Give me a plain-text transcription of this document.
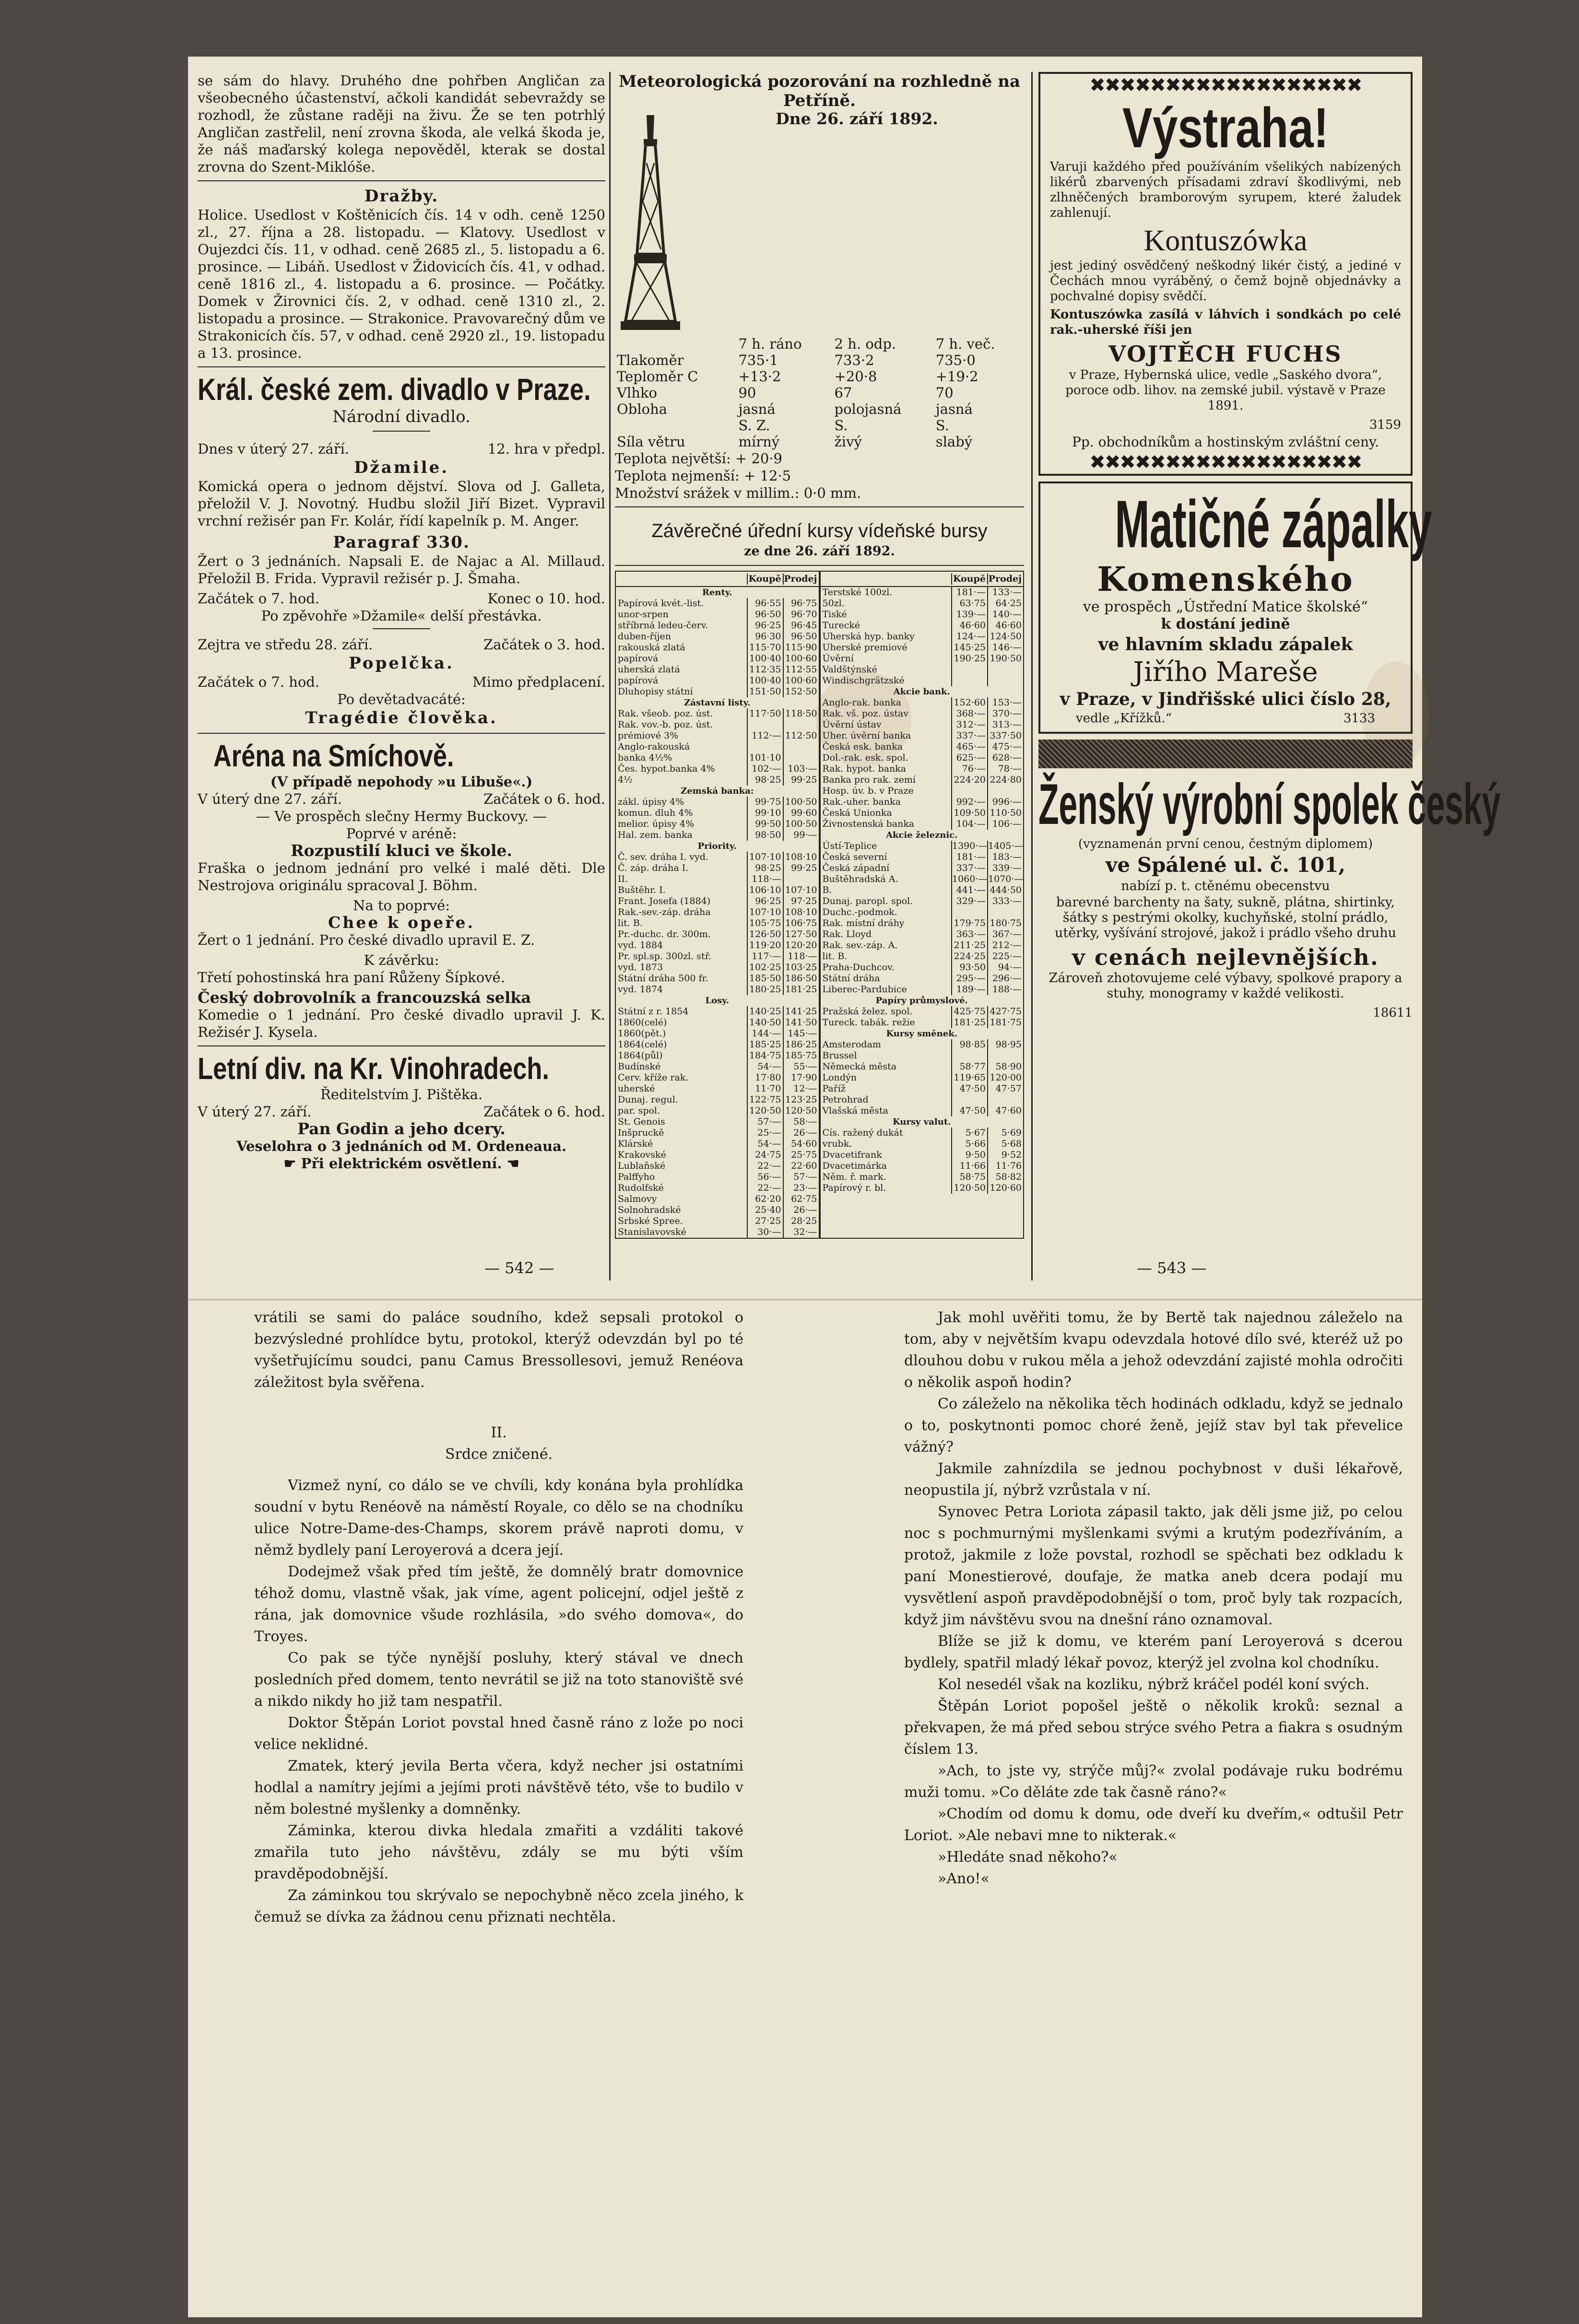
se sám do hlavy. Druhého dne pohřben Angličan za všeobecného účastenství, ačkoli kandidát sebevraždy se rozhodl, že zůstane raději na živu. Že se ten potrhlý Angličan zastřelil, není zrovna škoda, ale velká škoda je, že náš maďarský kolega nepověděl, kterak se dostal zrovna do Szent-Miklóše.

Dražby.

Holice. Usedlost v Koštěnicích čís. 14 v odh. ceně 1250 zl., 27. října a 28. listopadu. — Klatovy. Usedlost v Oujezdci čís. 11, v odhad. ceně 2685 zl., 5. listopadu a 6. prosince. — Libáň. Usedlost v Židovicích čís. 41, v odhad. ceně 1816 zl., 4. listopadu a 6. prosince. — Počátky. Domek v Žirovnici čís. 2, v odhad. ceně 1310 zl., 2. listopadu a prosince. — Strakonice. Pravovarečný dům ve Strakonicích čís. 57, v odhad. ceně 2920 zl., 19. listopadu a 13. prosince.

Král. české zem. divadlo v Praze.
Národní divadlo.
Dnes v úterý 27. září.	12. hra v předpl.
Džamile.

Komická opera o jednom dějství. Slova od J. Galleta, přeložil V. J. Novotný. Hudbu složil Jiří Bizet. Vypravil vrchní režisér pan Fr. Kolár, řídí kapelník p. M. Anger.

Paragraf 330.

Žert o 3 jednáních. Napsali E. de Najac a Al. Millaud. Přeložil B. Frida. Vypravil režisér p. J. Šmaha.

Začátek o 7. hod.	Konec o 10. hod.
Po zpěvohře »Džamile« delší přestávka.
Zejtra ve středu 28. září.	Začátek o 3. hod.
Popelčka.
Začátek o 7. hod.	Mimo předplacení.
Po devětadvacáté:
Tragédie člověka.
Aréna na Smíchově.
(V případě nepohody »u Libuše«.)
V úterý dne 27. září.	Začátek o 6. hod.
— Ve prospěch slečny Hermy Buckovy. —
Poprvé v aréně:
Rozpustilí kluci ve škole.

Fraška o jednom jednání pro velké i malé děti. Dle Nestrojova originálu spracoval J. Böhm.

Na to poprvé:
Chee k opeře.

Žert o 1 jednání. Pro české divadlo upravil E. Z.

K závěrku:

Třetí pohostinská hra paní Růženy Šípkové.

Český dobrovolník a francouzská selka

Komedie o 1 jednání. Pro české divadlo upravil J. K. Režisér J. Kysela.

Letní div. na Kr. Vinohradech.
Ředitelstvím J. Pištěka.
V úterý 27. září.	Začátek o 6. hod.
Pan Godin a jeho dcery.
Veselohra o 3 jednáních od M. Ordeneaua.
☛ Při elektrickém osvětlení. ☚
Meteorologická pozorování na rozhledně na Petříně.
Dne 26. září 1892.
	7 h. ráno	2 h. odp.	7 h. več.
Tlakoměr	735·1	733·2	735·0
Teploměr C	+13·2	+20·8	+19·2
Vlhko	90	67	70
Obloha	jasná	polojasná	jasná
	S. Z.	S.	S.
Síla větru	mírný	živý	slabý
Teplota největší: + 20·9
Teplota nejmenší: + 12·5
Množství srážek v millim.: 0·0 mm.
Závěrečné úřední kursy vídeňské bursy
ze dne 26. září 1892.
Koupě Prodej
Renty.
Papírová kvét.-list.	96·55	96·75
unor-srpen	96·50	96·70
stříbrná ledeu-červ.	96·25	96·45
duben-říjen	96·30	96·50
rakouská zlatá	115·70 115·90
papírová	100·40 100·60
uherská zlatá	112·35 112·55
papírová	100·40 100·60
Dluhopisy státní	151·50 152·50
Zástavní listy.
Rak. všeob. poz. úst.	117·50 118·50
Rak. vov.-b. poz. úst.
prémiové 3%	112·— 112·50
Anglo-rakouská
banka 4½%	101·10
Čes. hypot.banka 4%	102·— 103·—
4½	98·25	99·25
Zemská banka:
zákl. úpisy 4%	99·75 100·50
komun. dluh 4%	99·10	99·60
melior. úpisy 4%	99·50 100·50
Hal. zem. banka	98·50	99·—
Priority.
Č. sev. dráha I. vyd.	107·10 108·10
Č. záp. dráha I.	98·25	99·25
II.	118·—
Buštěhr. I.	106·10 107·10
Frant. Josefa (1884)	96·25	97·25
Rak.-sev.-záp. dráha	107·10 108·10
lit. B.	105·75 106·75
Pr.-duchc. dr. 300m.	126·50 127·50
vyd. 1884	119·20 120·20
Pr. spl.sp. 300zl. stř.	117·— 118·—
vyd. 1873	102·25 103·25
Státní dráha 500 fr.	185·50 186·50
vyd. 1874	180·25 181·25
Losy.
Státní z r. 1854	140·25 141·25
1860(celé)	140·50 141·50
1860(pět.)	144·— 145·—
1864(celé)	185·25 186·25
1864(půl)	184·75 185·75
Budínské	54·—	55·—
Cerv. kříže rak.	17·80	17·90
uherské	11·70	12·—
Dunaj. regul.	122·75 123·25
par. spol.	120·50 120·50
St. Genois	57·—	58·—
Inšpruckě	25·—	26·—
Klárské	54·—	54·60
Krakovské	24·75	25·75
Lublaňské	22·—	22·60
Palffyho	56·—	57·—
Rudolfské	22·—	23·—
Salmovy	62·20	62·75
Solnohradské	25·40	26·—
Srbské Spree.	27·25	28·25
Stanislavovské	30·—	32·—
Koupě Prodej
Terstské 100zl.	181·— 133·—
50zl.	63·75	64·25
Tiské	139·— 140·—
Turecké	46·60	46·60
Uherská hyp. banky	124·— 124·50
Uherské premiové	145·25 146·—
Úvěrní	190·25 190·50
Valdštýnské
Windischgrätzské
Akcie bank.
Anglo-rak. banka	152·60 153·—
Rak. vš. poz. ústav	368·— 370·—
Úvěrní ústav	312·— 313·—
Uher. úvěrní banka	337·— 337·50
Česká esk. banka	465·— 475·—
Dol.-rak. esk. spol.	625·— 628·—
Rak. hypot. banka	76·—	78·—
Banka pro rak. zemí	224·20 224·80
Hosp. úv. b. v Praze
Rak.-uher. banka	992·— 996·—
Česká Unionka	109·50 110·50
Živnostenská banka	104·— 106·—
Akcie železnic.
Ústí-Teplice	1390·— 1405·—
Česká severní	181·— 183·—
Česká západní	337·— 339·—
Buštěhradská A.	1060·— 1070·—
B.	441·— 444·50
Dunaj. paropl. spol.	329·— 333·—
Duchc.-podmok.
Rak. místní dráhy	179·75 180·75
Rak. Lloyd	363·— 367·—
Rak. sev.-záp. A.	211·25 212·—
lit. B.	224·25 225·—
Praha-Duchcov.	93·50	94·—
Státní dráha	295·— 296·—
Liberec-Pardubice	189·— 188·—
Papíry průmyslové.
Pražská želez. spol.	425·75 427·75
Tureck. tabák. režie	181·25 181·75
Kursy směnek.
Amsterodam	98·85	98·95
Brussel
Německá města	58·77	58·90
Londýn	119·65 120·00
Paříž	47·50	47·57
Petrohrad
Vlašská města	47·50	47·60
Kursy valut.
Cís. ražený dukát	5·67	5·69
vrubk.	5·66	5·68
Dvacetifrank	9·50	9·52
Dvacetimárka	11·66	11·76
Něm. ř. mark.	58·75	58·82
Papírový r. bl.	120·50 120·60
✖✖✖✖✖✖✖✖✖✖✖✖✖✖✖✖✖✖
Výstraha!

Varuji každého před používáním všelikých nabízených likérů zbarvených přísadami zdraví škodlivými, neb zlhněčených bramborovým syrupem, které žaludek zahlenují.

Kontuszówka

jest jediný osvědčený neškodný likér čistý, a jediné v Čechách mnou vyráběný, o čemž bojně objednávky a pochvalné dopisy svědčí.

Kontuszówka zasílá v láhvích i sondkách po celé rak.-uherské říši jen

VOJTĚCH FUCHS

v Praze, Hybernská ulice, vedle „Saského dvora“, poroce odb. lihov. na zemské jubil. výstavě v Praze 1891.

3159
Pp. obchodníkům a hostinským zvláštní ceny.
✖✖✖✖✖✖✖✖✖✖✖✖✖✖✖✖✖✖
Matičné zápalky
Komenského
ve prospěch „Ústřední Matice školské“
k dostání jedině
ve hlavním skladu zápalek
Jiřího Mareše
v Praze, v Jindřišské ulici číslo 28,
vedle „Křížků.“	3133
Ženský výrobní spolek český
(vyznamenán první cenou, čestným diplomem)
ve Spálené ul. č. 101,
nabízí p. t. ctěnému obecenstvu

barevné barchenty na šaty, sukně, plátna, shirtinky, šátky s pestrými okolky, kuchyňské, stolní prádlo, utěrky, vyšívání strojové, jakož i prádlo všeho druhu

v cenách nejlevnějších.

Zároveň zhotovujeme celé výbavy, spolkové prapory a stuhy, monogramy v každé velikosti.

18611
— 542 —	— 543 —

vrátili se sami do paláce soudního, kdež sepsali protokol o bezvýsledné prohlídce bytu, protokol, kterýž odevzdán byl po té vyšetřujícímu soudci, panu Camus Bressollesovi, jemuž Renéova záležitost byla svěřena.

II.
Srdce zničené.

Vizmež nyní, co dálo se ve chvíli, kdy konána byla prohlídka soudní v bytu Renéově na náměstí Royale, co dělo se na chodníku ulice Notre-Dame-des-Champs, skorem právě naproti domu, v němž bydlely paní Leroyerová a dcera její.

Dodejmež však před tím ještě, že domnělý bratr domovnice téhož domu, vlastně však, jak víme, agent policejní, odjel ještě z rána, jak domovnice všude rozhlásila, »do svého domova«, do Troyes.

Co pak se týče nynější posluhy, který stával ve dnech posledních před domem, tento nevrátil se již na toto stanoviště své a nikdo nikdy ho již tam nespatřil.

Doktor Štěpán Loriot povstal hned časně ráno z lože po noci velice neklidné.

Zmatek, který jevila Berta včera, když necher jsi ostatními hodlal a namítry jejími a jejími proti návštěvě této, vše to budilo v něm bolestné myšlenky a domněnky.

Záminka, kterou divka hledala zmařiti a vzdáliti takové zmařila tuto jeho návštěvu, zdály se mu býti vším pravděpodobnější.

Za záminkou tou skrývalo se nepochybně něco zcela jiného, k čemuž se dívka za žádnou cenu přiznati nechtěla.

Jak mohl uvěřiti tomu, že by Bertě tak najednou záleželo na tom, aby v největším kvapu odevzdala hotové dílo své, kteréž už po dlouhou dobu v rukou měla a jehož odevzdání zajisté mohla odročiti o několik aspoň hodin?

Co záleželo na několika těch hodinách odkladu, když se jednalo o to, poskytnonti pomoc choré ženě, jejíž stav byl tak převelice vážný?

Jakmile zahnízdila se jednou pochybnost v duši lékařově, neopustila jí, nýbrž vzrůstala v ní.

Synovec Petra Loriota zápasil takto, jak děli jsme již, po celou noc s pochmurnými myšlenkami svými a krutým podezříváním, a protož, jakmile z lože povstal, rozhodl se spěchati bez odkladu k paní Monestierové, doufaje, že matka aneb dcera podají mu vysvětlení aspoň pravděpodobnější o tom, proč byly tak rozpacích, když jim návštěvu svou na dnešní ráno oznamoval.

Blíže se již k domu, ve kterém paní Leroyerová s dcerou bydlely, spatřil mladý lékař povoz, kterýž jel zvolna kol chodníku.

Kol nesedél však na kozliku, nýbrž kráčel podél koní svých.

Štěpán Loriot popošel ještě o několik kroků: seznal a překvapen, že má před sebou strýce svého Petra a fiakra s osudným číslem 13.

»Ach, to jste vy, strýče můj?« zvolal podávaje ruku bodrému muži tomu. »Co děláte zde tak časně ráno?«

»Chodím od domu k domu, ode dveří ku dveřím,« odtušil Petr Loriot. »Ale nebavi mne to nikterak.«

»Hledáte snad někoho?«

»Ano!«
